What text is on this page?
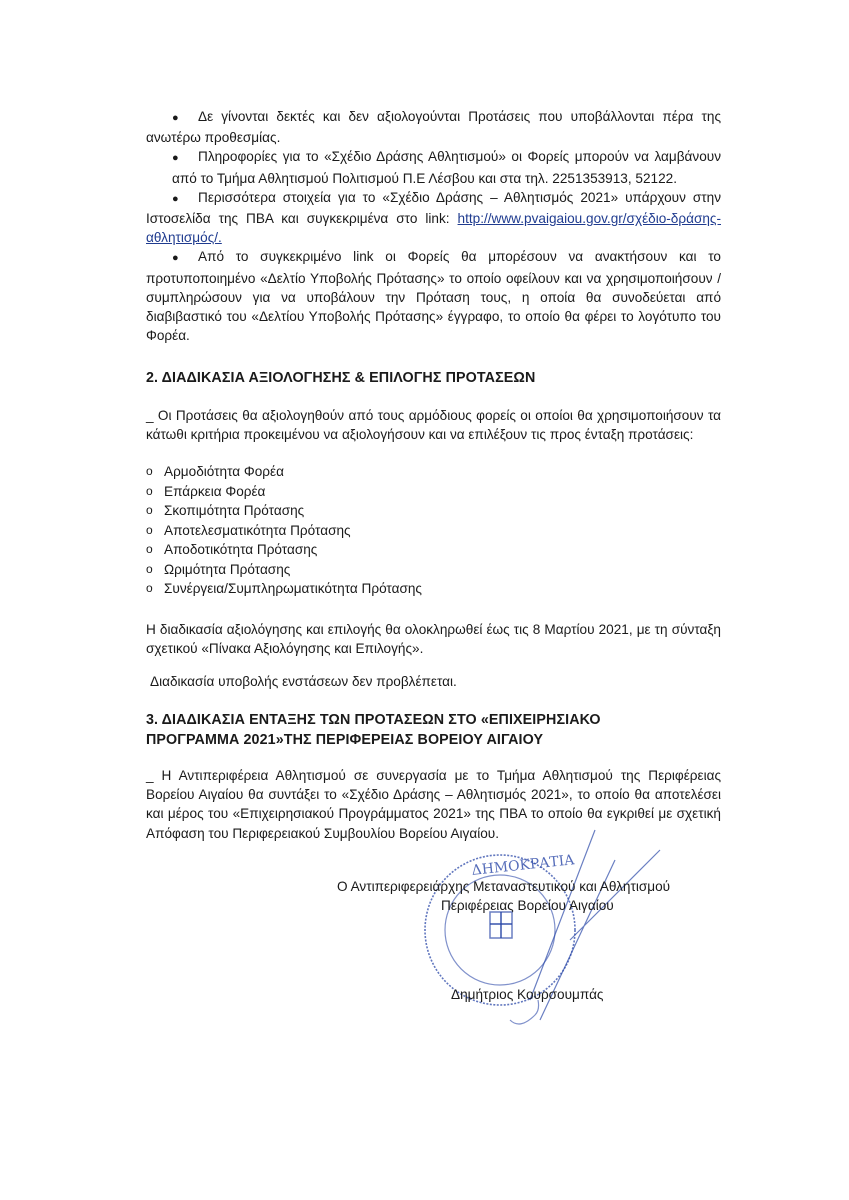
● Δε γίνονται δεκτές και δεν αξιολογούνται Προτάσεις που υποβάλλονται πέρα της ανωτέρω προθεσμίας.

● Πληροφορίες για το «Σχέδιο Δράσης Αθλητισμού» οι Φορείς μπορούν να λαμβάνουν από το Τμήμα Αθλητισμού Πολιτισμού Π.Ε Λέσβου και στα τηλ. 2251353913, 52122.

● Περισσότερα στοιχεία για το «Σχέδιο Δράσης – Αθλητισμός 2021» υπάρχουν στην Ιστοσελίδα της ΠΒΑ και συγκεκριμένα στο link: http://www.pvaigaiou.gov.gr/σχέδιο-δράσης-αθλητισμός/.

● Από το συγκεκριμένο link οι Φορείς θα μπορέσουν να ανακτήσουν και το προτυποποιημένο «Δελτίο Υποβολής Πρότασης» το οποίο οφείλουν και να χρησιμοποιήσουν / συμπληρώσουν για να υποβάλουν την Πρόταση τους, η οποία θα συνοδεύεται από διαβιβαστικό του «Δελτίου Υποβολής Πρότασης» έγγραφο, το οποίο θα φέρει το λογότυπο του Φορέα.

2. ΔΙΑΔΙΚΑΣΙΑ ΑΞΙΟΛΟΓΗΣΗΣ & ΕΠΙΛΟΓΗΣ ΠΡΟΤΑΣΕΩΝ

_ Οι Προτάσεις θα αξιολογηθούν από τους αρμόδιους φορείς οι οποίοι θα χρησιμοποιήσουν τα κάτωθι κριτήρια προκειμένου να αξιολογήσουν και να επιλέξουν τις προς ένταξη προτάσεις:

o Αρμοδιότητα Φορέα
o Επάρκεια Φορέα
o Σκοπιμότητα Πρότασης
o Αποτελεσματικότητα Πρότασης
o Αποδοτικότητα Πρότασης
o Ωριμότητα Πρότασης
o Συνέργεια/Συμπληρωματικότητα Πρότασης

Η διαδικασία αξιολόγησης και επιλογής θα ολοκληρωθεί έως τις 8 Μαρτίου 2021, με τη σύνταξη σχετικού «Πίνακα Αξιολόγησης και Επιλογής».

Διαδικασία υποβολής ενστάσεων δεν προβλέπεται.

3. ΔΙΑΔΙΚΑΣΙΑ ΕΝΤΑΞΗΣ ΤΩΝ ΠΡΟΤΑΣΕΩΝ ΣΤΟ «ΕΠΙΧΕΙΡΗΣΙΑΚΟ
ΠΡΟΓΡΑΜΜΑ 2021»ΤΗΣ ΠΕΡΙΦΕΡΕΙΑΣ ΒΟΡΕΙΟΥ ΑΙΓΑΙΟΥ

_ Η Αντιπεριφέρεια Αθλητισμού σε συνεργασία με το Τμήμα Αθλητισμού της Περιφέρειας Βορείου Αιγαίου θα συντάξει το «Σχέδιο Δράσης – Αθλητισμός 2021», το οποίο θα αποτελέσει και μέρος του «Επιχειρησιακού Προγράμματος 2021» της ΠΒΑ το οποίο θα εγκριθεί με σχετική Απόφαση του Περιφερειακού Συμβουλίου Βορείου Αιγαίου.

ΔΗΜΟΚΡΑΤΙΑ
Ο Αντιπεριφερειάρχης Μεταναστευτικού και Αθλητισμού
Περιφέρειας Βορείου Αιγαίου
Δημήτριος Κουρσουμπάς
